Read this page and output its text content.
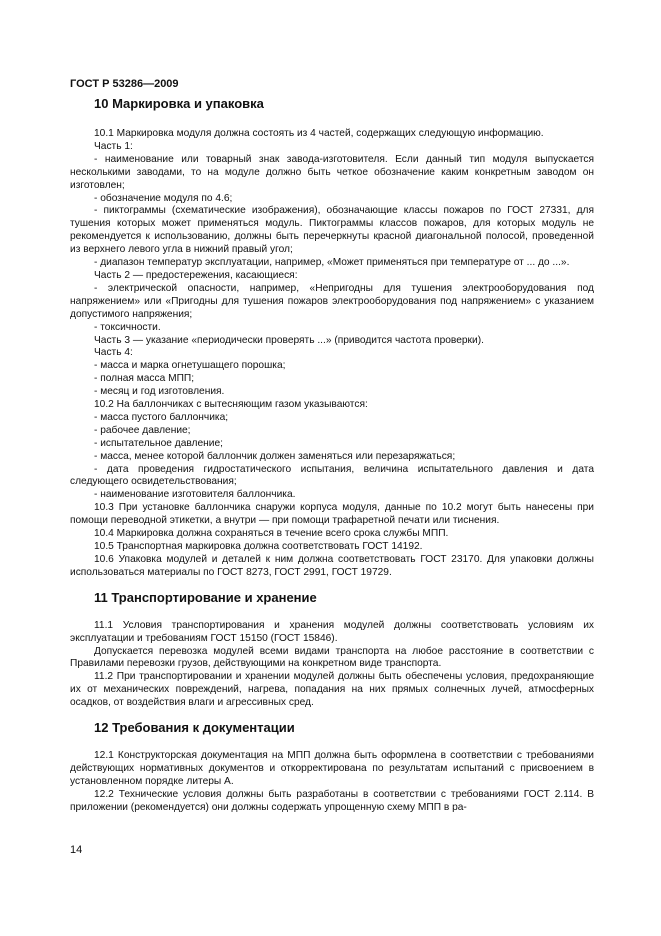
ГОСТ Р 53286—2009
10 Маркировка и упаковка

10.1 Маркировка модуля должна состоять из 4 частей, содержащих следующую информацию.

Часть 1:

- наименование или товарный знак завода-изготовителя. Если данный тип модуля выпускается несколькими заводами, то на модуле должно быть четкое обозначение каким конкретным заводом он изготовлен;

- обозначение модуля по 4.6;

- пиктограммы (схематические изображения), обозначающие классы пожаров по ГОСТ 27331, для тушения которых может применяться модуль. Пиктограммы классов пожаров, для которых модуль не рекомендуется к использованию, должны быть перечеркнуты красной диагональной полосой, проведенной из верхнего левого угла в нижний правый угол;

- диапазон температур эксплуатации, например, «Может применяться при температуре от ... до ...».

Часть 2 — предостережения, касающиеся:

- электрической опасности, например, «Непригодны для тушения электрооборудования под напряжением» или «Пригодны для тушения пожаров электрооборудования под напряжением» с указанием допустимого напряжения;

- токсичности.

Часть 3 — указание «периодически проверять ...» (приводится частота проверки).

Часть 4:

- масса и марка огнетушащего порошка;

- полная масса МПП;

- месяц и год изготовления.

10.2 На баллончиках с вытесняющим газом указываются:

- масса пустого баллончика;

- рабочее давление;

- испытательное давление;

- масса, менее которой баллончик должен заменяться или перезаряжаться;

- дата проведения гидростатического испытания, величина испытательного давления и дата следующего освидетельствования;

- наименование изготовителя баллончика.

10.3 При установке баллончика снаружи корпуса модуля, данные по 10.2 могут быть нанесены при помощи переводной этикетки, а внутри — при помощи трафаретной печати или тиснения.

10.4 Маркировка должна сохраняться в течение всего срока службы МПП.

10.5 Транспортная маркировка должна соответствовать ГОСТ 14192.

10.6 Упаковка модулей и деталей к ним должна соответствовать ГОСТ 23170. Для упаковки должны использоваться материалы по ГОСТ 8273, ГОСТ 2991, ГОСТ 19729.

11 Транспортирование и хранение

11.1 Условия транспортирования и хранения модулей должны соответствовать условиям их эксплуатации и требованиям ГОСТ 15150 (ГОСТ 15846).

Допускается перевозка модулей всеми видами транспорта на любое расстояние в соответствии с Правилами перевозки грузов, действующими на конкретном виде транспорта.

11.2 При транспортировании и хранении модулей должны быть обеспечены условия, предохраняющие их от механических повреждений, нагрева, попадания на них прямых солнечных лучей, атмосферных осадков, от воздействия влаги и агрессивных сред.

12 Требования к документации

12.1 Конструкторская документация на МПП должна быть оформлена в соответствии с требованиями действующих нормативных документов и откорректирована по результатам испытаний с присвоением в установленном порядке литеры А.

12.2 Технические условия должны быть разработаны в соответствии с требованиями ГОСТ 2.114. В приложении (рекомендуется) они должны содержать упрощенную схему МПП в ра-

14
